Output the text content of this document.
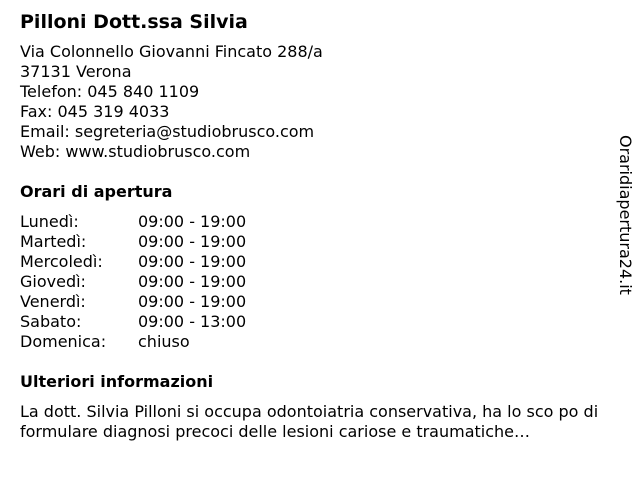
Pilloni Dott.ssa Silvia
Via Colonnello Giovanni Fincato 288/a
37131 Verona
Telefon: 045 840 1109
Fax: 045 319 4033
Email: segreteria@studiobrusco.com
Web: www.studiobrusco.com
Orari di apertura
Lunedì:	09:00 - 19:00
Martedì:	09:00 - 19:00
Mercoledì:	09:00 - 19:00
Giovedì:	09:00 - 19:00
Venerdì:	09:00 - 19:00
Sabato:	09:00 - 13:00
Domenica:	chiuso
Ulteriori informazioni

La dott. Silvia Pilloni si occupa odontoiatria conservativa, ha lo sco po di formulare diagnosi precoci delle lesioni cariose e traumatiche…

Oraridiapertura24.it
